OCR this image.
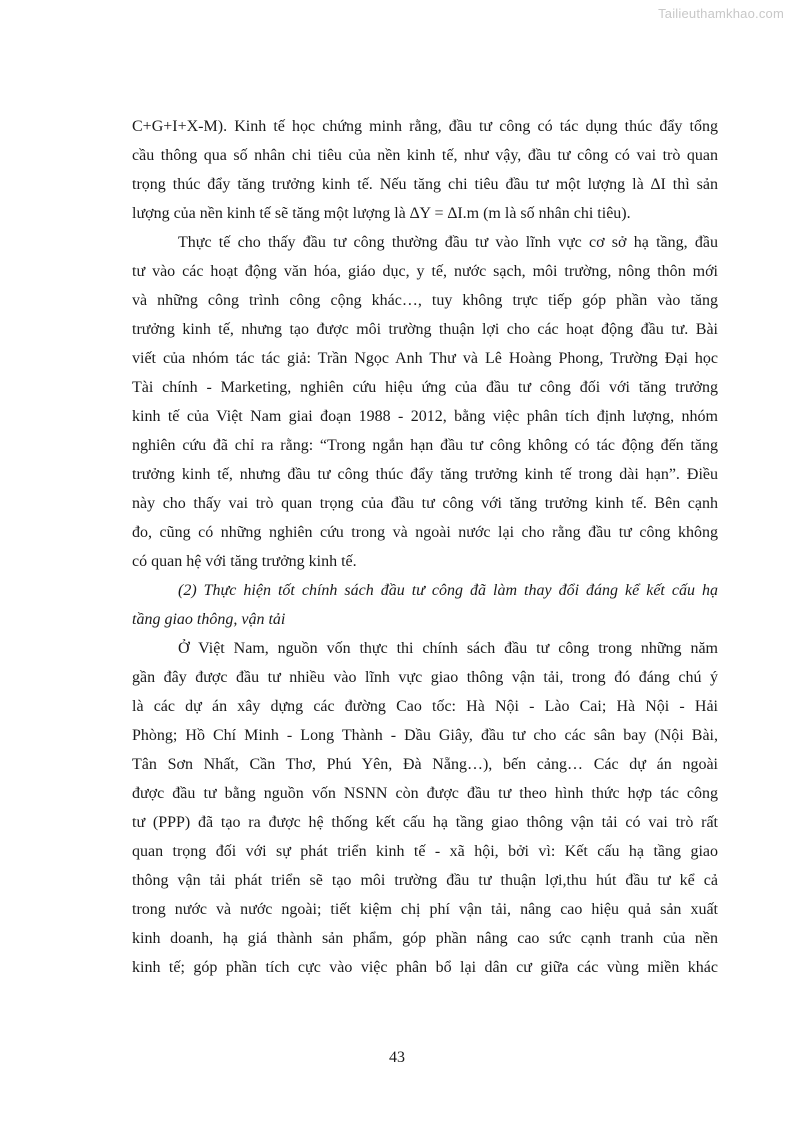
Tailieuthamkhao.com
C+G+I+X-M). Kinh tế học chứng minh rằng, đầu tư công có tác dụng thúc đẩy tổng
cầu thông qua số nhân chi tiêu của nền kinh tế, như vậy, đầu tư công có vai trò quan
trọng thúc đẩy tăng trưởng kinh tế. Nếu tăng chi tiêu đầu tư một lượng là ∆I thì sản
lượng của nền kinh tế sẽ tăng một lượng là ∆Y = ∆I.m (m là số nhân chi tiêu).
Thực tế cho thấy đầu tư công thường đầu tư vào lĩnh vực cơ sở hạ tầng, đầu
tư vào các hoạt động văn hóa, giáo dục, y tế, nước sạch, môi trường, nông thôn mới
và những công trình công cộng khác…, tuy không trực tiếp góp phần vào tăng
trưởng kinh tế, nhưng tạo được môi trường thuận lợi cho các hoạt động đầu tư. Bài
viết của nhóm tác tác giả: Trần Ngọc Anh Thư và Lê Hoàng Phong, Trường Đại học
Tài chính - Marketing, nghiên cứu hiệu ứng của đầu tư công đối với tăng trưởng
kinh tế của Việt Nam giai đoạn 1988 - 2012, bằng việc phân tích định lượng, nhóm
nghiên cứu đã chỉ ra rằng: “Trong ngắn hạn đầu tư công không có tác động đến tăng
trưởng kinh tế, nhưng đầu tư công thúc đẩy tăng trưởng kinh tế trong dài hạn”. Điều
này cho thấy vai trò quan trọng của đầu tư công với tăng trưởng kinh tế. Bên cạnh
đo, cũng có những nghiên cứu trong và ngoài nước lại cho rằng đầu tư công không
có quan hệ với tăng trưởng kinh tế.
(2) Thực hiện tốt chính sách đầu tư công đã làm thay đổi đáng kể kết cấu hạ
tầng giao thông, vận tải
Ở Việt Nam, nguồn vốn thực thi chính sách đầu tư công trong những năm
gần đây được đầu tư nhiều vào lĩnh vực giao thông vận tải, trong đó đáng chú ý
là các dự án xây dựng các đường Cao tốc: Hà Nội - Lào Cai; Hà Nội - Hải
Phòng; Hồ Chí Minh - Long Thành - Dầu Giây, đầu tư cho các sân bay (Nội Bài,
Tân Sơn Nhất, Cần Thơ, Phú Yên, Đà Nẵng…), bến cảng… Các dự án ngoài
được đầu tư bằng nguồn vốn NSNN còn được đầu tư theo hình thức hợp tác công
tư (PPP) đã tạo ra được hệ thống kết cấu hạ tầng giao thông vận tải có vai trò rất
quan trọng đối với sự phát triển kinh tế - xã hội, bởi vì: Kết cấu hạ tầng giao
thông vận tải phát triển sẽ tạo môi trường đầu tư thuận lợi,thu hút đầu tư kể cả
trong nước và nước ngoài; tiết kiệm chị phí vận tải, nâng cao hiệu quả sản xuất
kinh doanh, hạ giá thành sản phẩm, góp phần nâng cao sức cạnh tranh của nền
kinh tế; góp phần tích cực vào việc phân bổ lại dân cư giữa các vùng miền khác
43
